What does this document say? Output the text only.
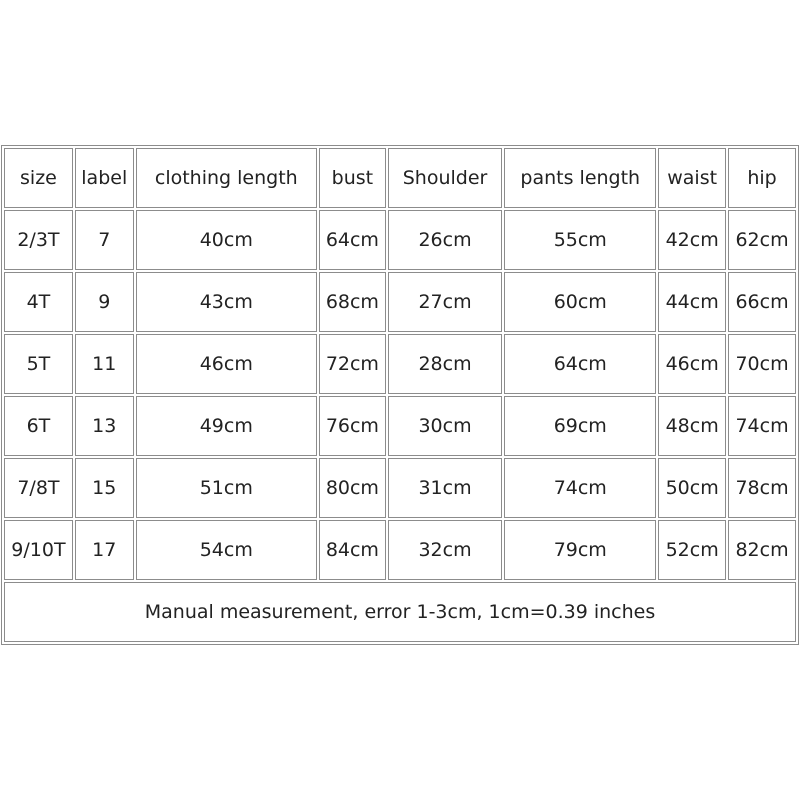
size	label	clothing length	bust	Shoulder	pants length	waist	hip
2/3T	7	40cm	64cm	26cm	55cm	42cm	62cm
4T	9	43cm	68cm	27cm	60cm	44cm	66cm
5T	11	46cm	72cm	28cm	64cm	46cm	70cm
6T	13	49cm	76cm	30cm	69cm	48cm	74cm
7/8T	15	51cm	80cm	31cm	74cm	50cm	78cm
9/10T	17	54cm	84cm	32cm	79cm	52cm	82cm
Manual measurement, error 1-3cm, 1cm=0.39 inches							
